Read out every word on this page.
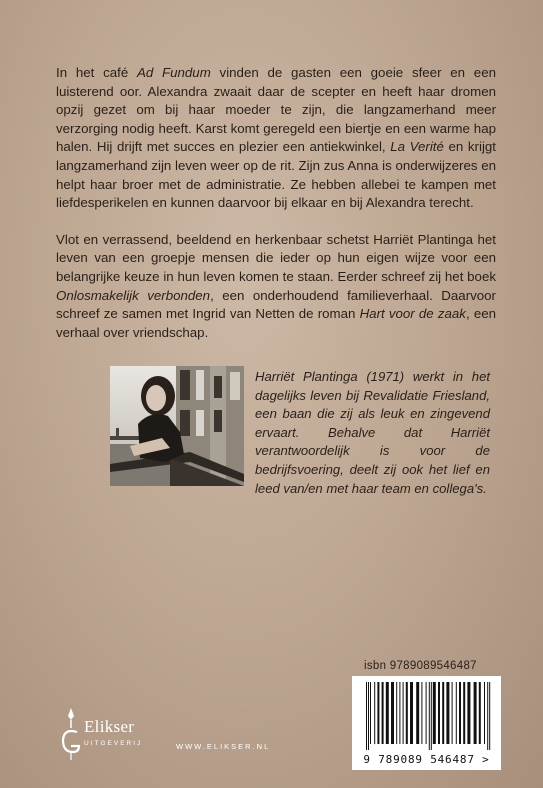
In het café Ad Fundum vinden de gasten een goeie sfeer en een luisterend oor. Alexandra zwaait daar de scepter en heeft haar dromen opzij gezet om bij haar moeder te zijn, die langzamerhand meer verzorging nodig heeft. Karst komt geregeld een biertje en een warme hap halen. Hij drijft met succes en plezier een antiekwinkel, La Verité en krijgt langzamerhand zijn leven weer op de rit. Zijn zus Anna is onderwijzeres en helpt haar broer met de administratie. Ze hebben allebei te kampen met liefdesperikelen en kunnen daarvoor bij elkaar en bij Alexandra terecht.

Vlot en verrassend, beeldend en herkenbaar schetst Harriët Plantinga het leven van een groepje mensen die ieder op hun eigen wijze voor een belangrijke keuze in hun leven komen te staan. Eerder schreef zij het boek Onlosmakelijk verbonden, een onderhoudend familieverhaal. Daarvoor schreef ze samen met Ingrid van Netten de roman Hart voor de zaak, een verhaal over vriendschap.

Harriët Plantinga (1971) werkt in het dagelijks leven bij Revalidatie Friesland, een baan die zij als leuk en zingevend ervaart. Behalve dat Harriët verantwoordelijk is voor de bedrijfsvoering, deelt zij ook het lief en leed van/en met haar team en collega's.

isbn 9789089546487
9 789089 546487 >
Elikser
UITGEVERIJ	WWW.ELIKSER.NL
